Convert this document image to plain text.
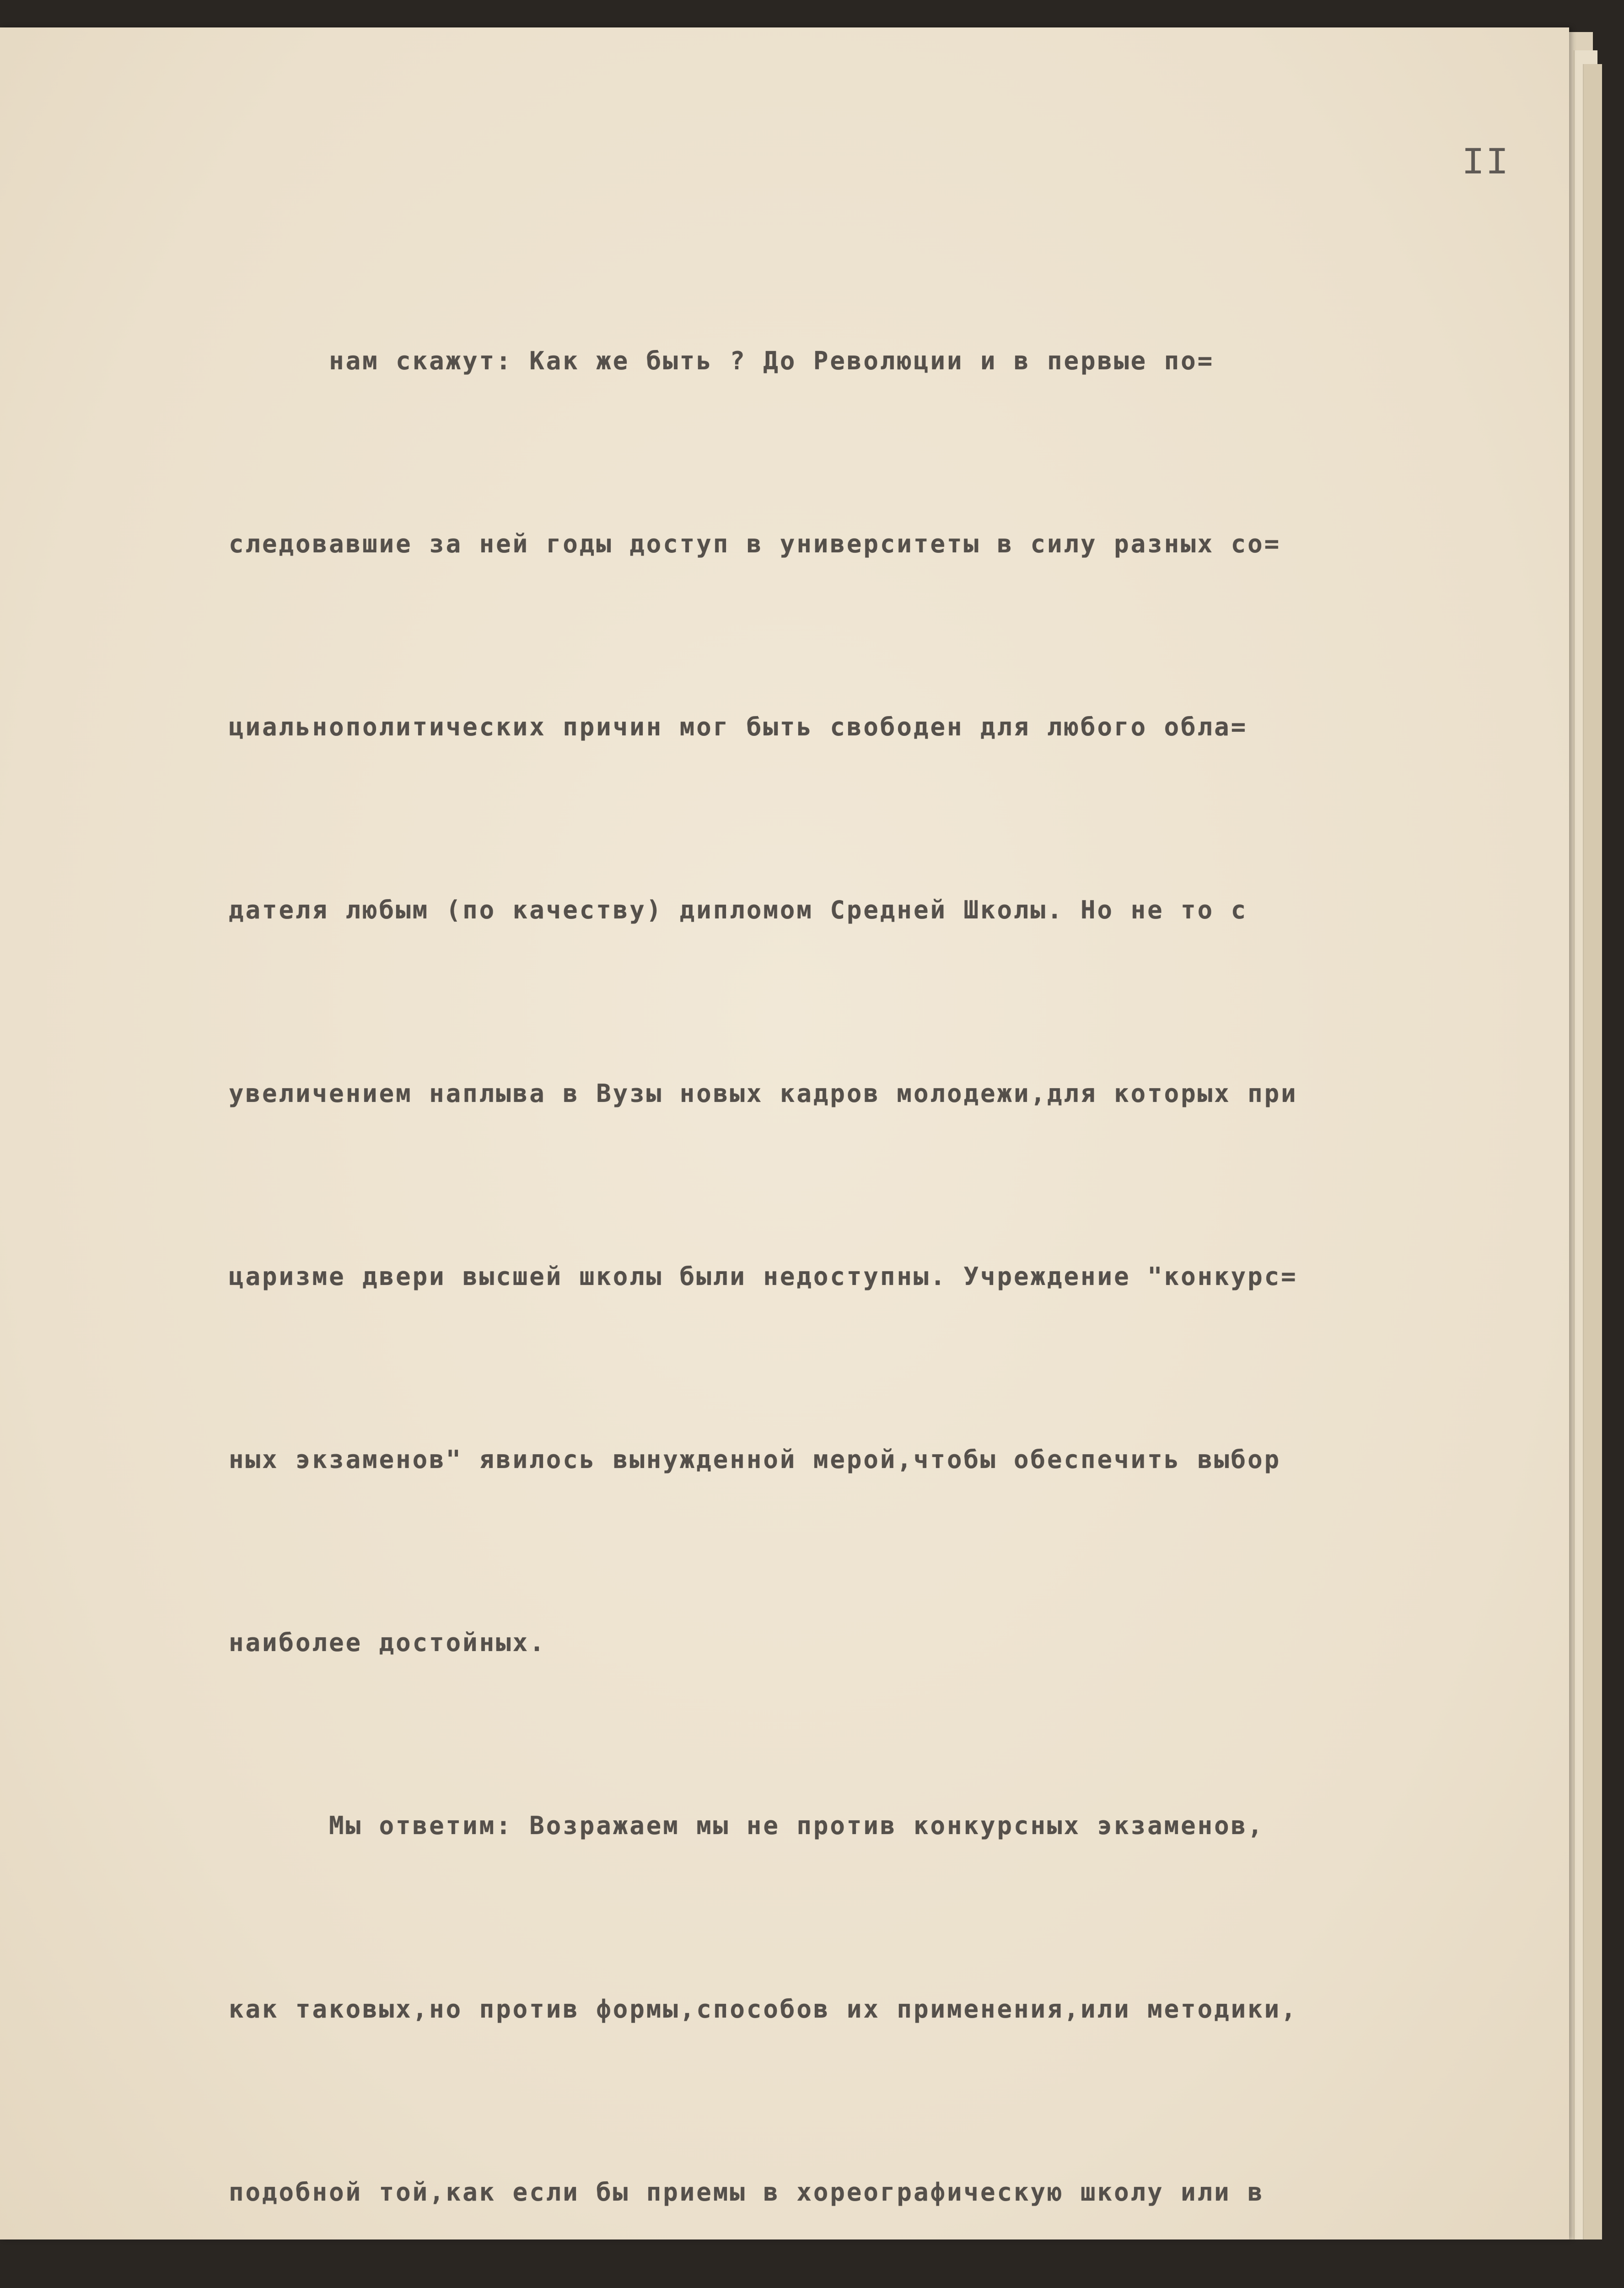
II

нам скажут: Как же быть ? До Революции и в первые по=

следовавшие за ней годы доступ в университеты в силу разных со=

циальнополитических причин мог быть свободен для любого обла=

дателя любым (по качеству) дипломом Средней Школы. Но не то с

увеличением наплыва в Вузы новых кадров молодежи,для которых при

царизме двери высшей школы были недоступны. Учреждение "конкурс=

ных экзаменов" явилось вынужденной мерой,чтобы обеспечить выбор

наиболее достойных.

Мы ответим: Возражаем мы не против конкурсных экзаменов,

как таковых,но против формы,способов их применения,или методики,

подобной той,как если бы приемы в хореографическую школу или в
